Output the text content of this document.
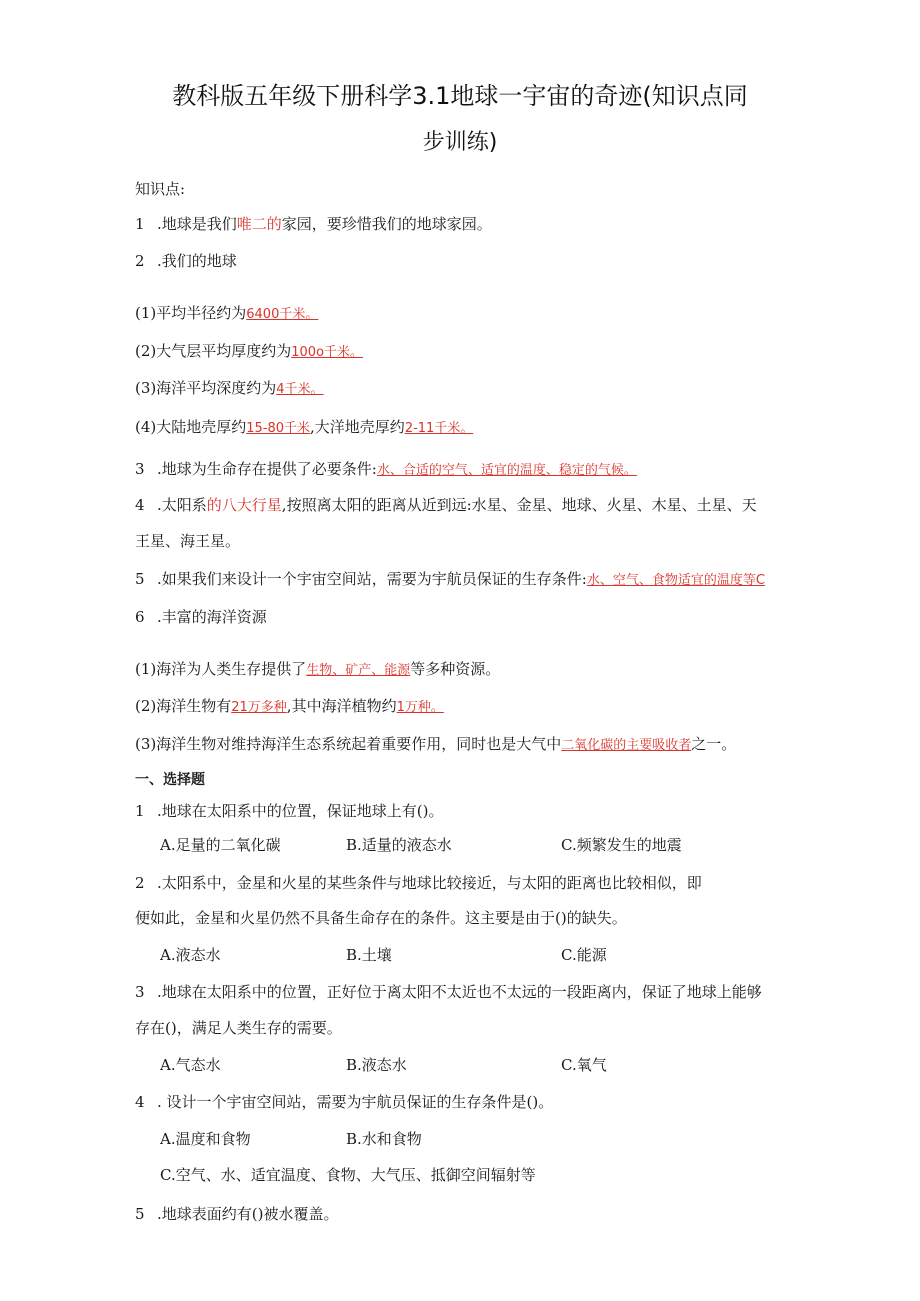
教科版五年级下册科学3.1地球一宇宙的奇迹(知识点同
步训练)
知识点:
1 .地球是我们唯二的家园，要珍惜我们的地球家园。
2 .我们的地球
(1)平均半径约为6400千米。
(2)大气层平均厚度约为100o千米。
(3)海洋平均深度约为4千米。
(4)大陆地壳厚约15-80千米,大洋地壳厚约2-11千米。
3 .地球为生命存在提供了必要条件:水、合适的空气、适宜的温度、稳定的气候。
4 .太阳系的八大行星,按照离太阳的距离从近到远:水星、金星、地球、火星、木星、土星、天
王星、海王星。
5 .如果我们来设计一个宇宙空间站，需要为宇航员保证的生存条件:水、空气、食物适宜的温度等C
6 .丰富的海洋资源
(1)海洋为人类生存提供了生物、矿产、能源等多种资源。
(2)海洋生物有21万多种,其中海洋植物约1万种。
(3)海洋生物对维持海洋生态系统起着重要作用，同时也是大气中二氧化碳的主要吸收者之一。
一、选择题
1 .地球在太阳系中的位置，保证地球上有()。
A.足量的二氧化碳	B.适量的液态水	C.频繁发生的地震
2 .太阳系中，金星和火星的某些条件与地球比较接近，与太阳的距离也比较相似，即
便如此，金星和火星仍然不具备生命存在的条件。这主要是由于()的缺失。
A.液态水	B.土壤	C.能源
3 .地球在太阳系中的位置，正好位于离太阳不太近也不太远的一段距离内，保证了地球上能够
存在()，满足人类生存的需要。
A.气态水	B.液态水	C.氧气
4 . 设计一个宇宙空间站，需要为宇航员保证的生存条件是()。
A.温度和食物	B.水和食物
C.空气、水、适宜温度、食物、大气压、抵御空间辐射等
5 .地球表面约有()被水覆盖。
